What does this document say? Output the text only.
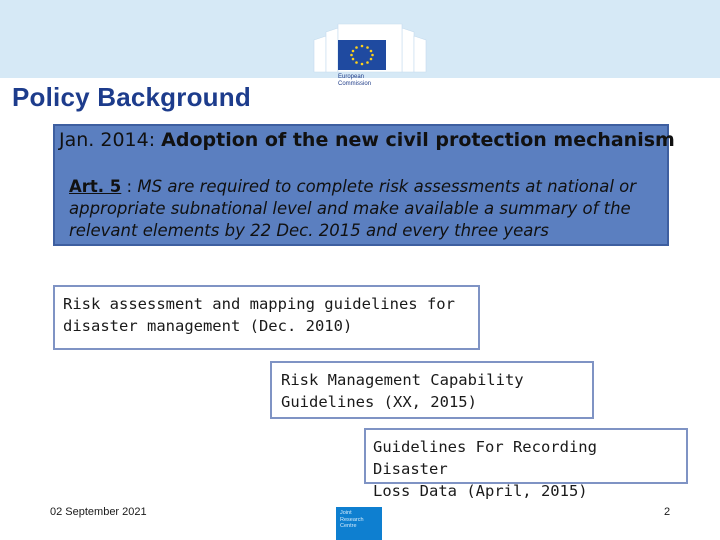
European
Commission
Policy Background
Jan. 2014: Adoption of the new civil protection mechanism
Art. 5 : MS are required to complete risk assessments at national or appropriate subnational level and make available a summary of the relevant elements by 22 Dec. 2015 and every three years
Risk assessment and mapping guidelines for
disaster management (Dec. 2010)
Risk Management Capability
Guidelines (XX, 2015)
Guidelines For Recording Disaster
Loss Data (April, 2015)
02 September 2021	Joint
Research
Centre
2
